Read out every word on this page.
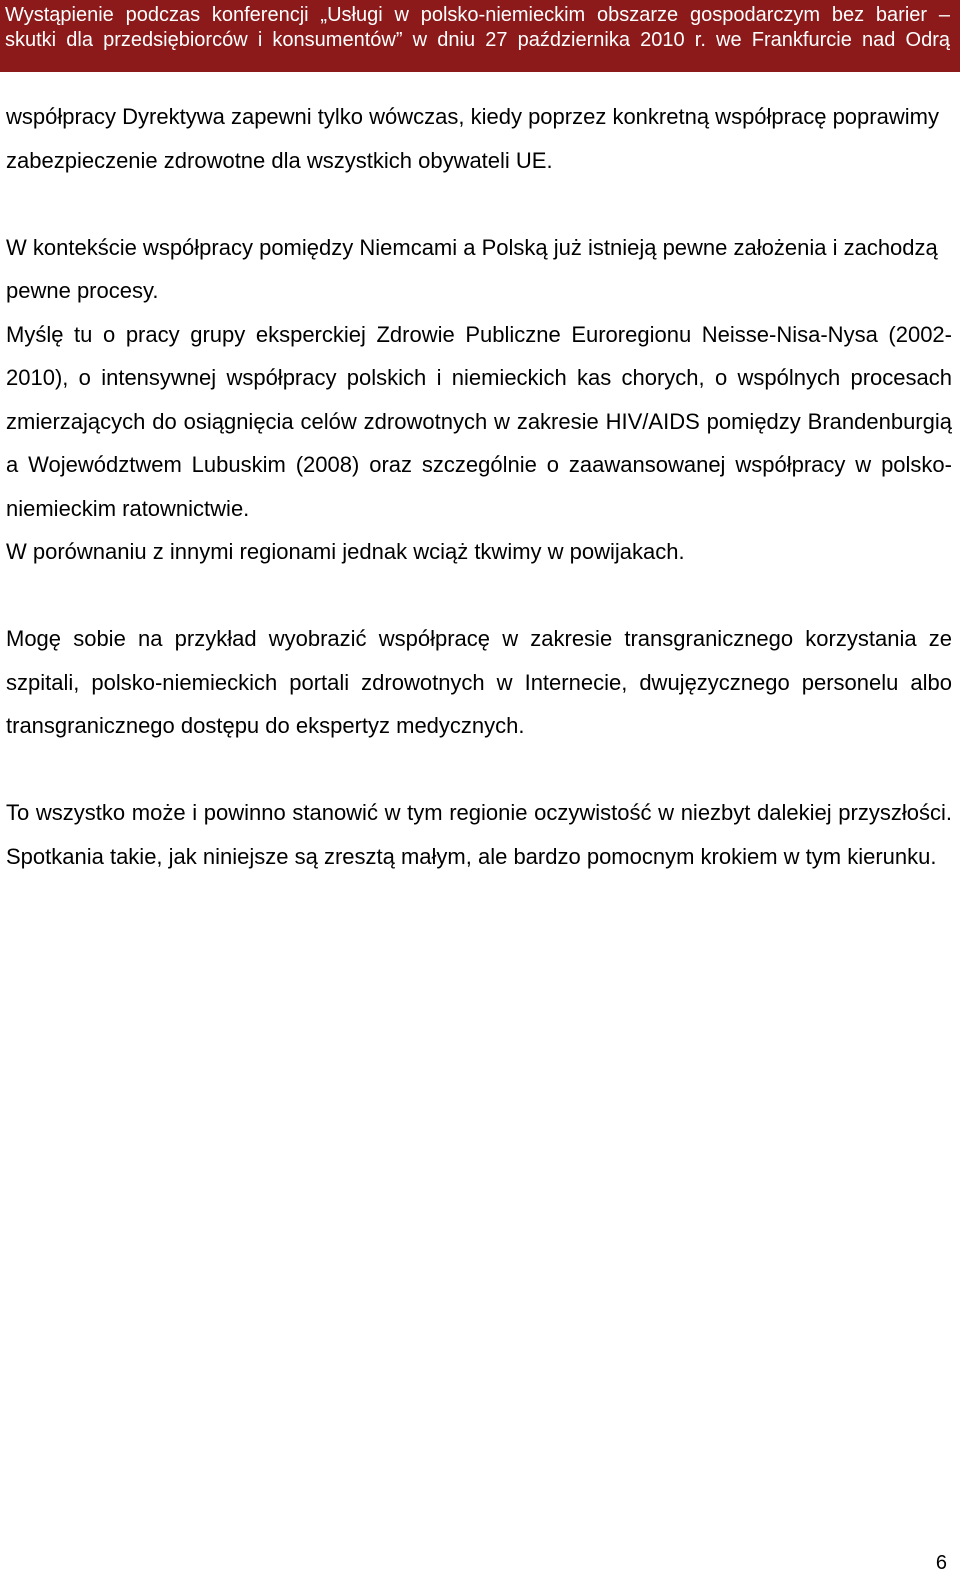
Wystąpienie podczas konferencji „Usługi w polsko-niemieckim obszarze gospodarczym bez barier –
skutki dla przedsiębiorców i konsumentów” w dniu 27 października 2010 r. we Frankfurcie nad Odrą

współpracy Dyrektywa zapewni tylko wówczas, kiedy poprzez konkretną współpracę poprawimy zabezpieczenie zdrowotne dla wszystkich obywateli UE.

W kontekście współpracy pomiędzy Niemcami a Polską już istnieją pewne założenia i zachodzą pewne procesy.

Myślę tu o pracy grupy eksperckiej Zdrowie Publiczne Euroregionu Neisse-Nisa-Nysa (2002-2010), o intensywnej współpracy polskich i niemieckich kas chorych, o wspólnych procesach zmierzających do osiągnięcia celów zdrowotnych w zakresie HIV/AIDS pomiędzy Brandenburgią a Województwem Lubuskim (2008) oraz szczególnie o zaawansowanej współpracy w polsko-niemieckim ratownictwie.

W porównaniu z innymi regionami jednak wciąż tkwimy w powijakach.

Mogę sobie na przykład wyobrazić współpracę w zakresie transgranicznego korzystania ze szpitali, polsko-niemieckich portali zdrowotnych w Internecie, dwujęzycznego personelu albo transgranicznego dostępu do ekspertyz medycznych.

To wszystko może i powinno stanowić w tym regionie oczywistość w niezbyt dalekiej przyszłości. Spotkania takie, jak niniejsze są zresztą małym, ale bardzo pomocnym krokiem w tym kierunku.

6
